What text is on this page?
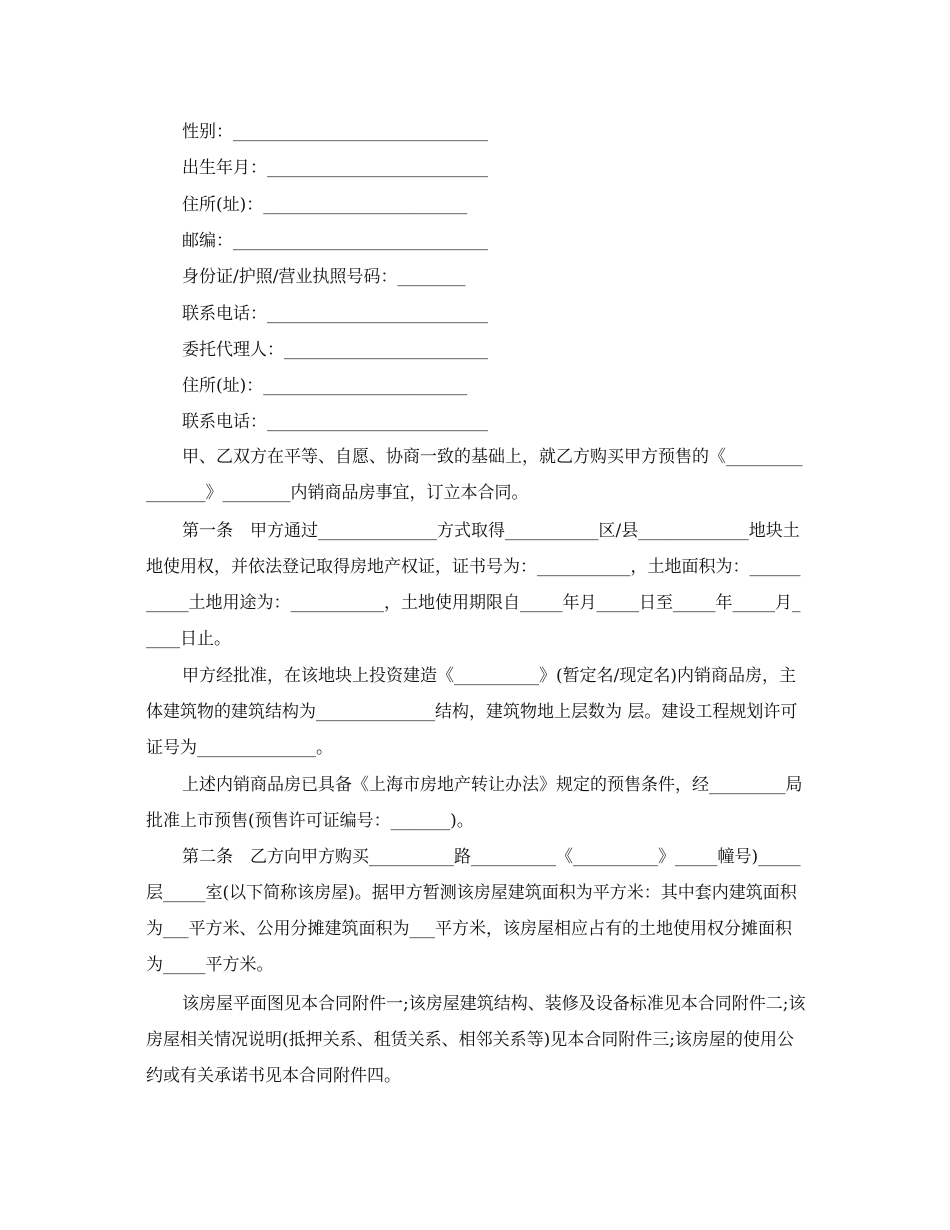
性别：______________________________
出生年月：__________________________
住所(址)：________________________
邮编：______________________________
身份证/护照/营业执照号码：________
联系电话：__________________________
委托代理人：________________________
住所(址)：________________________
联系电话：__________________________

甲、乙双方在平等、自愿、协商一致的基础上，就乙方购买甲方预售的《________________》________内销商品房事宜，订立本合同。

第一条　甲方通过______________方式取得___________区/县_____________地块土地使用权，并依法登记取得房地产权证，证书号为：___________，土地面积为：___________土地用途为：___________，土地使用期限自_____年月_____日至_____年_____月_____日止。

甲方经批准，在该地块上投资建造《__________》(暂定名/现定名)内销商品房，主体建筑物的建筑结构为______________结构，建筑物地上层数为 层。建设工程规划许可证号为______________。

上述内销商品房已具备《上海市房地产转让办法》规定的预售条件，经_________局批准上市预售(预售许可证编号：_______)。

第二条　乙方向甲方购买__________路__________《__________》_____幢号)_____层_____室(以下简称该房屋)。据甲方暂测该房屋建筑面积为平方米：其中套内建筑面积为___平方米、公用分摊建筑面积为___平方米，该房屋相应占有的土地使用权分摊面积为_____平方米。

该房屋平面图见本合同附件一;该房屋建筑结构、装修及设备标准见本合同附件二;该房屋相关情况说明(抵押关系、租赁关系、相邻关系等)见本合同附件三;该房屋的使用公约或有关承诺书见本合同附件四。
